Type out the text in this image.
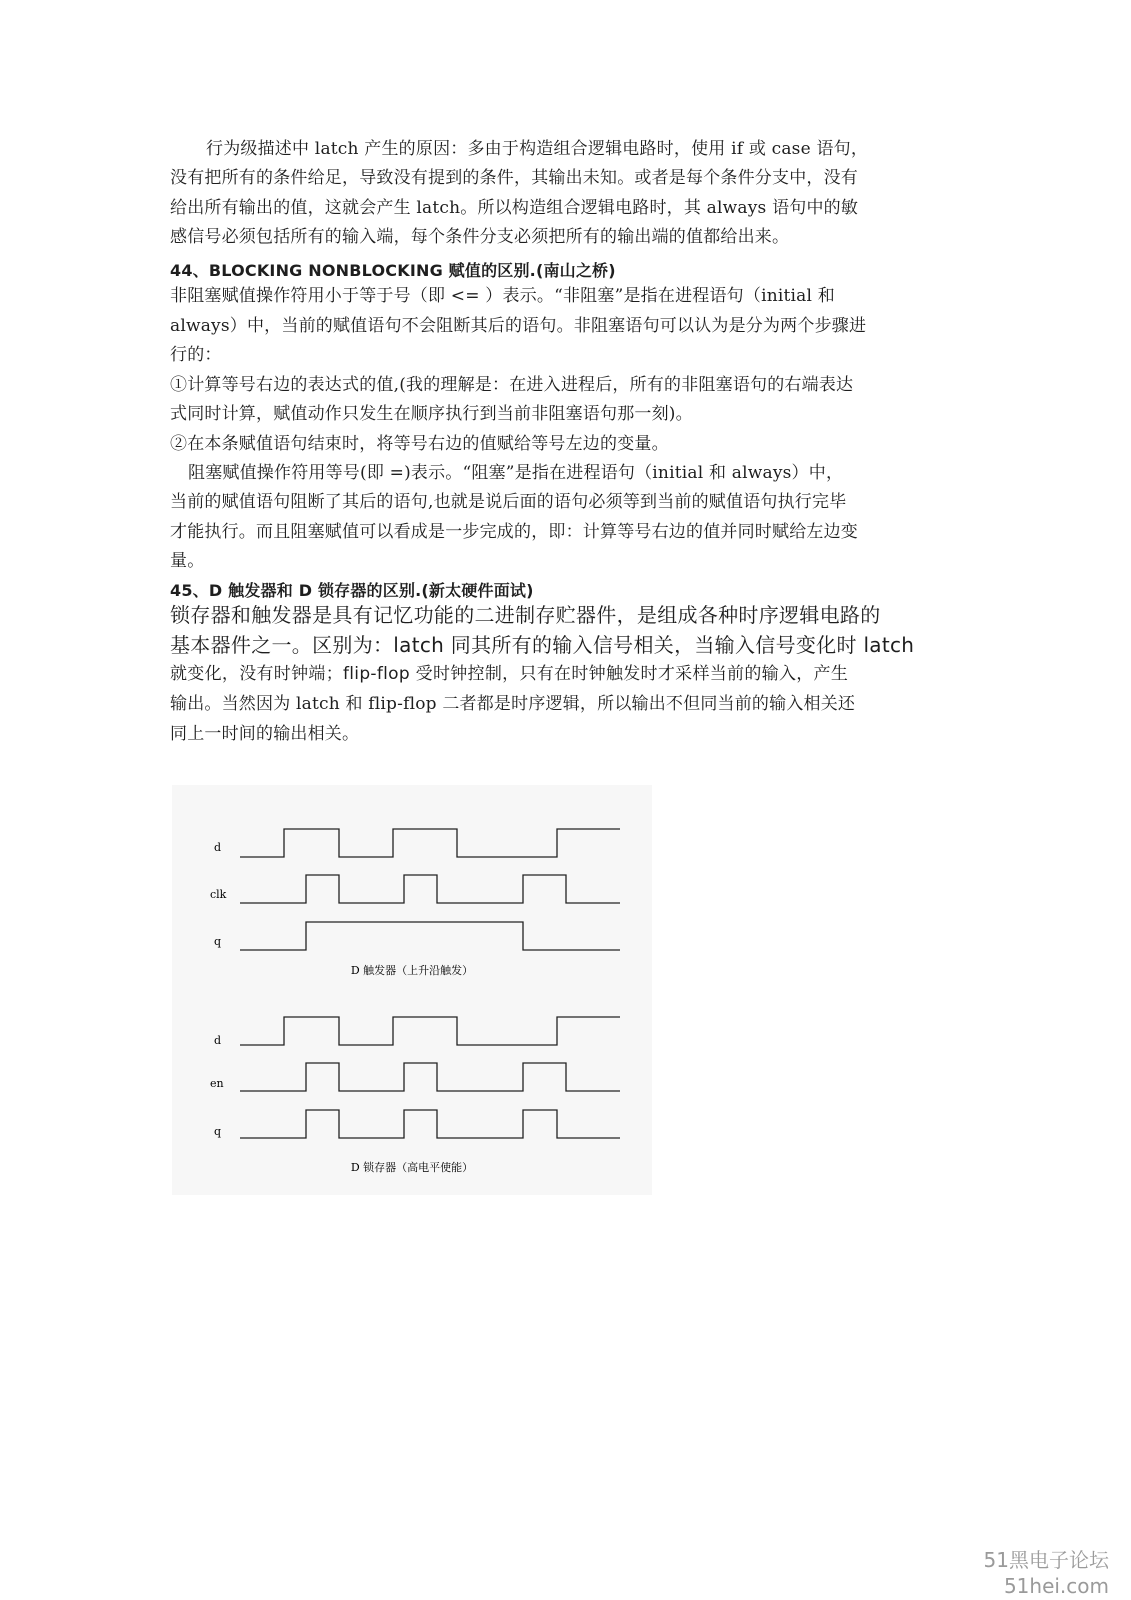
行为级描述中 latch 产生的原因：多由于构造组合逻辑电路时，使用 if 或 case 语句，
没有把所有的条件给足，导致没有提到的条件，其输出未知。或者是每个条件分支中，没有
给出所有输出的值，这就会产生 latch。所以构造组合逻辑电路时，其 always 语句中的敏
感信号必须包括所有的输入端，每个条件分支必须把所有的输出端的值都给出来。
44、BLOCKING NONBLOCKING 赋值的区别.(南山之桥)
非阻塞赋值操作符用小于等于号（即 <= ）表示。“非阻塞”是指在进程语句（initial 和
always）中，当前的赋值语句不会阻断其后的语句。非阻塞语句可以认为是分为两个步骤进
行的：
①计算等号右边的表达式的值,(我的理解是：在进入进程后，所有的非阻塞语句的右端表达
式同时计算，赋值动作只发生在顺序执行到当前非阻塞语句那一刻)。
②在本条赋值语句结束时，将等号右边的值赋给等号左边的变量。
阻塞赋值操作符用等号(即 =)表示。“阻塞”是指在进程语句（initial 和 always）中，
当前的赋值语句阻断了其后的语句,也就是说后面的语句必须等到当前的赋值语句执行完毕
才能执行。而且阻塞赋值可以看成是一步完成的，即：计算等号右边的值并同时赋给左边变
量。
45、D 触发器和 D 锁存器的区别.(新太硬件面试)
锁存器和触发器是具有记忆功能的二进制存贮器件，是组成各种时序逻辑电路的
基本器件之一。区别为：latch 同其所有的输入信号相关，当输入信号变化时 latch
就变化，没有时钟端；flip-flop 受时钟控制，只有在时钟触发时才采样当前的输入，产生
输出。当然因为 latch 和 flip-flop 二者都是时序逻辑，所以输出不但同当前的输入相关还
同上一时间的输出相关。
d
clk
q
D 触发器（上升沿触发）
d
en
q
D 锁存器（高电平使能）
51黑电子论坛
51hei.com
